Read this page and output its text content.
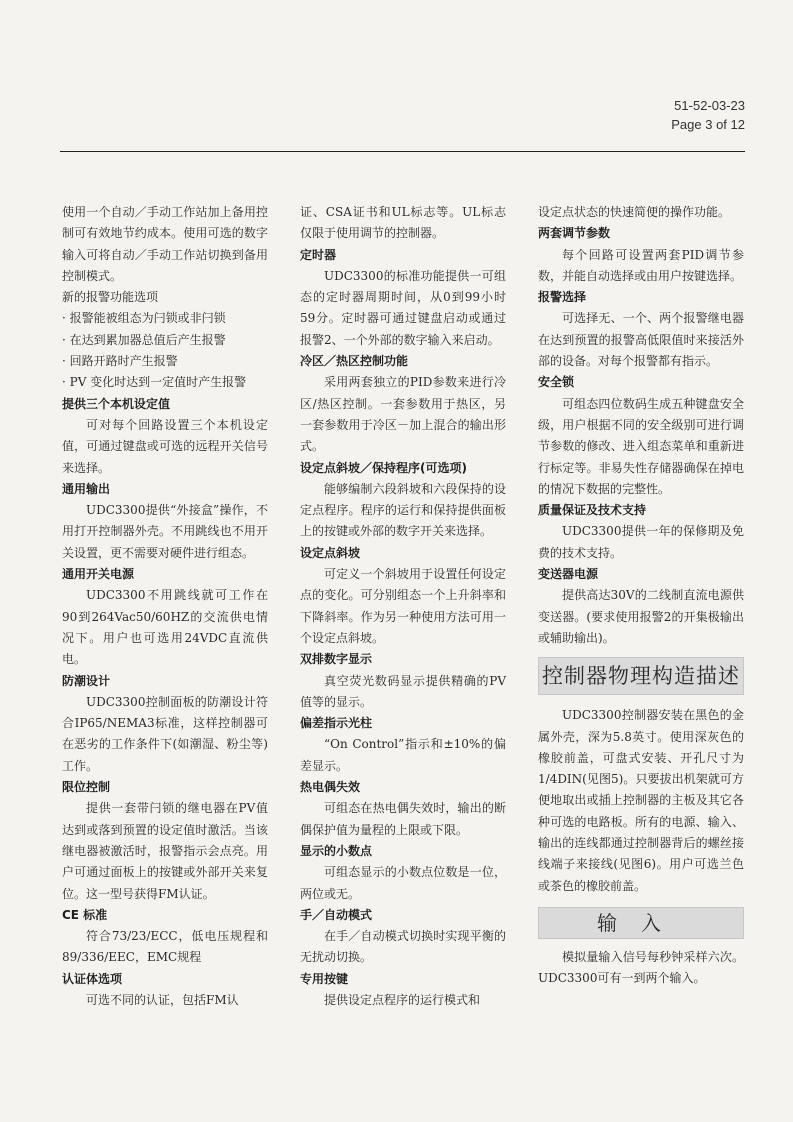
51-52-03-23
Page 3 of 12

使用一个自动／手动工作站加上备用控制可有效地节约成本。使用可选的数字输入可将自动／手动工作站切换到备用控制模式。

新的报警功能选项

· 报警能被组态为闩锁或非闩锁

· 在达到累加器总值后产生报警

· 回路开路时产生报警

· PV 变化时达到一定值时产生报警

提供三个本机设定值

可对每个回路设置三个本机设定值，可通过键盘或可选的远程开关信号来选择。

通用输出

UDC3300提供“外接盒”操作，不用打开控制器外壳。不用跳线也不用开关设置，更不需要对硬件进行组态。

通用开关电源

UDC3300不用跳线就可工作在90到264Vac50/60HZ的交流供电情况下。用户也可选用24VDC直流供电。

防潮设计

UDC3300控制面板的防潮设计符合IP65/NEMA3标准，这样控制器可在恶劣的工作条件下(如潮湿、粉尘等)工作。

限位控制

提供一套带闩锁的继电器在PV值达到或落到预置的设定值时激活。当该继电器被激活时，报警指示会点亮。用户可通过面板上的按键或外部开关来复位。这一型号获得FM认证。

CE 标准

符合73/23/ECC，低电压规程和89/336/EEC，EMC规程

认证体选项

可选不同的认证，包括FM认

证、CSA证书和UL标志等。UL标志仅限于使用调节的控制器。

定时器

UDC3300的标准功能提供一可组态的定时器周期时间，从0到99小时59分。定时器可通过键盘启动或通过报警2、一个外部的数字输入来启动。

冷区／热区控制功能

采用两套独立的PID参数来进行冷区/热区控制。一套参数用于热区，另一套参数用于冷区－加上混合的输出形式。

设定点斜坡／保持程序(可选项)

能够编制六段斜坡和六段保持的设定点程序。程序的运行和保持提供面板上的按键或外部的数字开关来选择。

设定点斜坡

可定义一个斜坡用于设置任何设定点的变化。可分别组态一个上升斜率和下降斜率。作为另一种使用方法可用一个设定点斜坡。

双排数字显示

真空荧光数码显示提供精确的PV值等的显示。

偏差指示光柱

“On Control”指示和±10%的偏差显示。

热电偶失效

可组态在热电偶失效时，输出的断偶保护值为量程的上限或下限。

显示的小数点

可组态显示的小数点位数是一位，两位或无。

手／自动模式

在手／自动模式切换时实现平衡的无扰动切换。

专用按键

提供设定点程序的运行模式和

设定点状态的快速简便的操作功能。

两套调节参数

每个回路可设置两套PID调节参数，并能自动选择或由用户按键选择。

报警选择

可选择无、一个、两个报警继电器在达到预置的报警高低限值时来接活外部的设备。对每个报警都有指示。

安全锁

可组态四位数码生成五种键盘安全级，用户根据不同的安全级别可进行调节参数的修改、进入组态菜单和重新进行标定等。非易失性存储器确保在掉电的情况下数据的完整性。

质量保证及技术支持

UDC3300提供一年的保修期及免费的技术支持。

变送器电源

提供高达30V的二线制直流电源供变送器。(要求使用报警2的开集极输出或辅助输出)。

控制器物理构造描述

UDC3300控制器安装在黑色的金属外壳，深为5.8英寸。使用深灰色的橡胶前盖，可盘式安装、开孔尺寸为1/4DIN(见图5)。只要拔出机架就可方便地取出或插上控制器的主板及其它各种可选的电路板。所有的电源、输入、输出的连线都通过控制器背后的螺丝接线端子来接线(见图6)。用户可选兰色或茶色的橡胶前盖。

输入

模拟量输入信号每秒钟采样六次。UDC3300可有一到两个输入。
